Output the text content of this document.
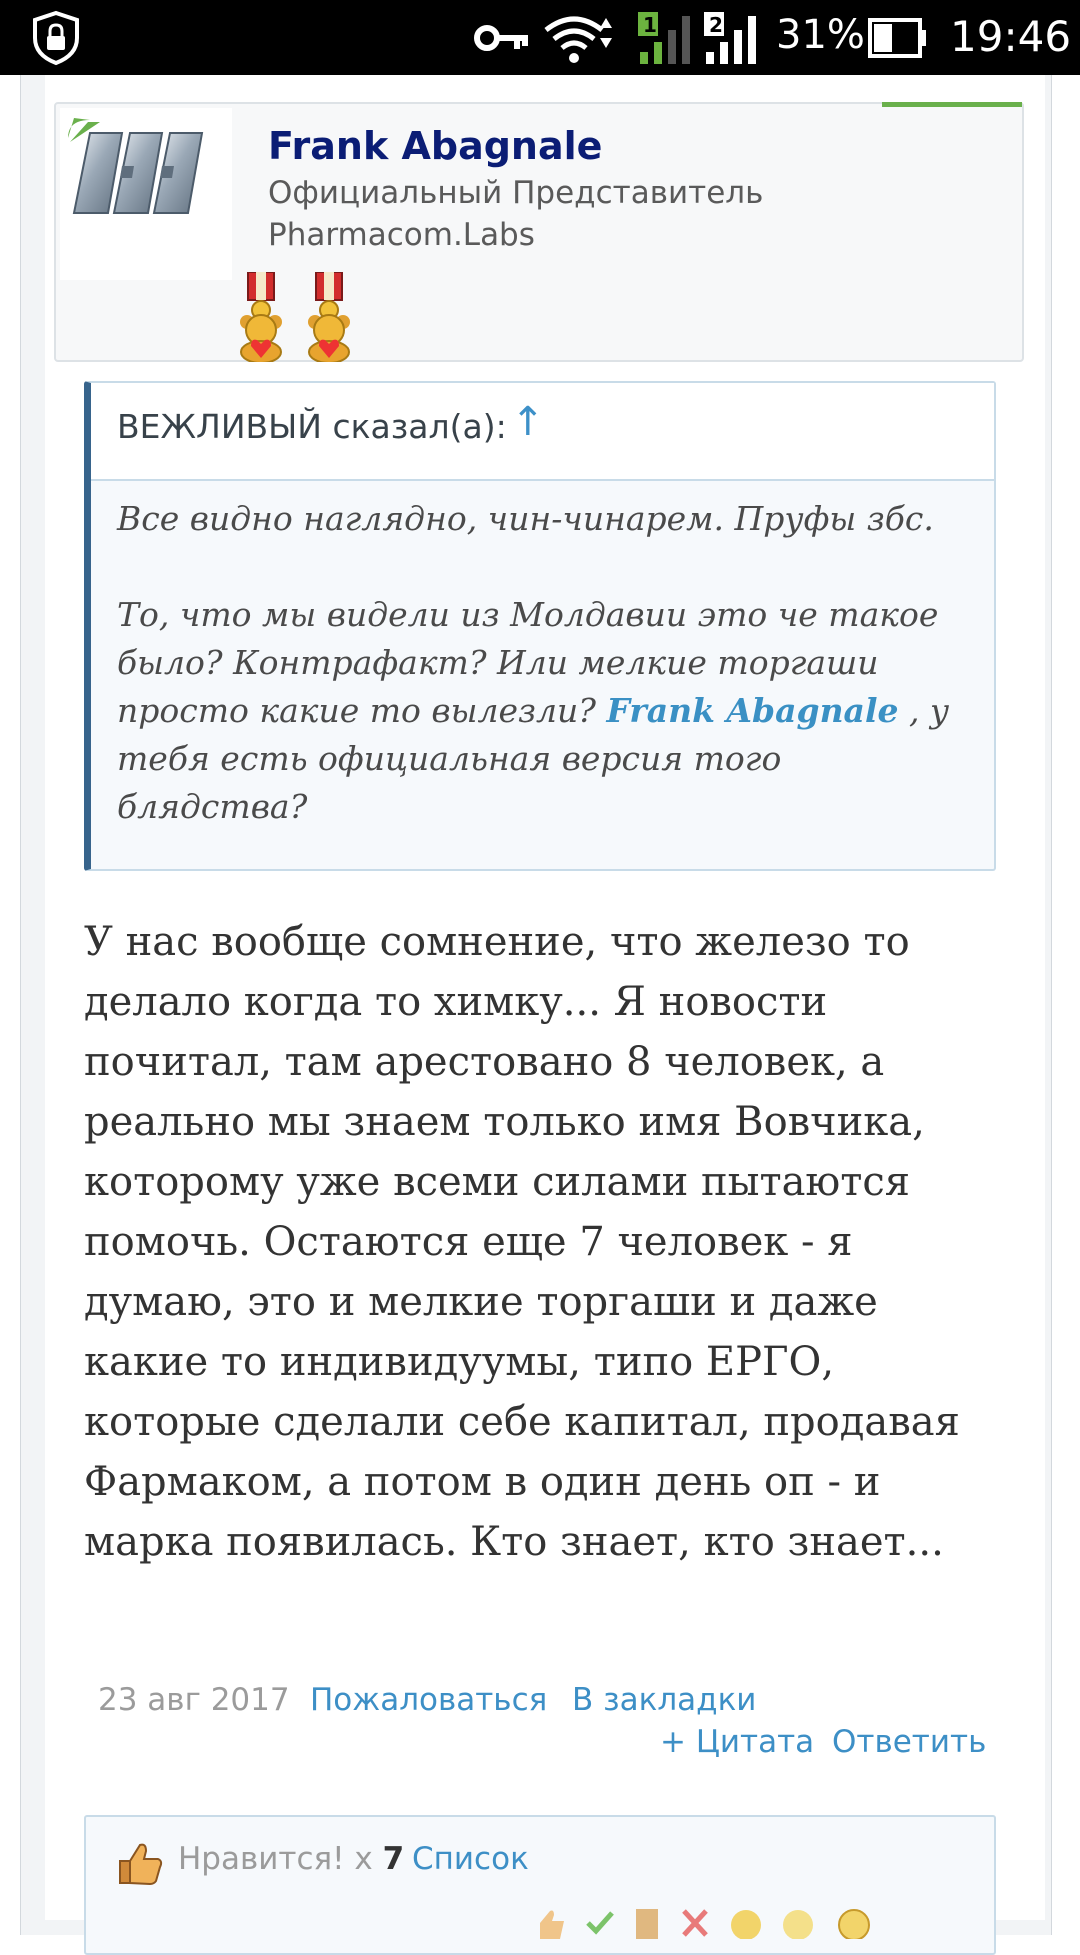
1	2 31% 19:46
Frank Abagnale
Официальный Представитель Pharmacom.Labs
ВЕЖЛИВЫЙ сказал(а): ↑

Все видно наглядно, чин-чинарем. Пруфы збс.

То, что мы видели из Молдавии это че такое было? Контрафакт? Или мелкие торгаши просто какие то вылезли? Frank Abagnale , у тебя есть официальная версия того блядства?

У нас вообще сомнение, что железо то делало когда то химку... Я новости почитал, там арестовано 8 человек, а реально мы знаем только имя Вовчика, которому уже всеми силами пытаются помочь. Остаются еще 7 человек - я думаю, это и мелкие торгаши и даже какие то индивидуумы, типо ЕРГО, которые сделали себе капитал, продавая Фармаком, а потом в один день оп - и марка появилась. Кто знает, кто знает...
23 авг 2017 Пожаловаться В закладки
+ Цитата Ответить
Нравится! х 7 Список
